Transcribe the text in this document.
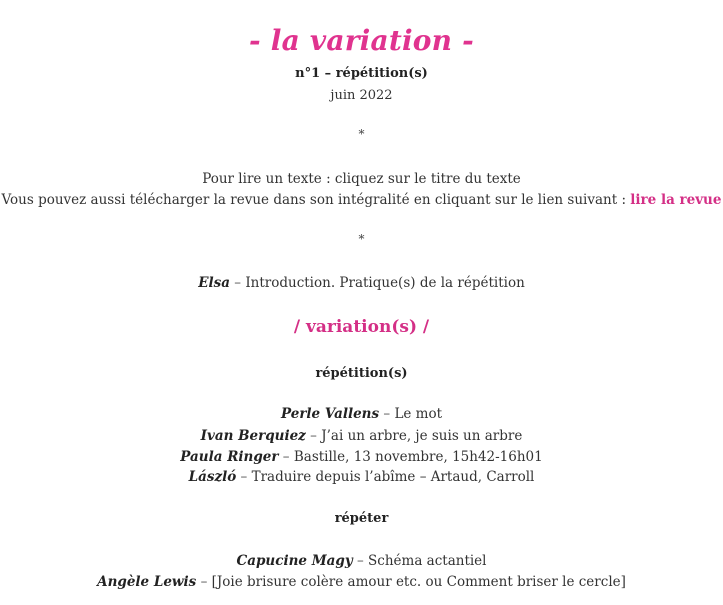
- la variation -
n°1 – répétition(s)
juin 2022
*
Pour lire un texte : cliquez sur le titre du texte
Vous pouvez aussi télécharger la revue dans son intégralité en cliquant sur le lien suivant : lire la revue
*
Elsa – Introduction. Pratique(s) de la répétition
/ variation(s) /
répétition(s)
Perle Vallens – Le mot
Ivan Berquiez – J’ai un arbre, je suis un arbre
Paula Ringer – Bastille, 13 novembre, 15h42-16h01
László – Traduire depuis l’abîme – Artaud, Carroll
répéter
Capucine Magy – Schéma actantiel
Angèle Lewis – [Joie brisure colère amour etc. ou Comment briser le cercle]
